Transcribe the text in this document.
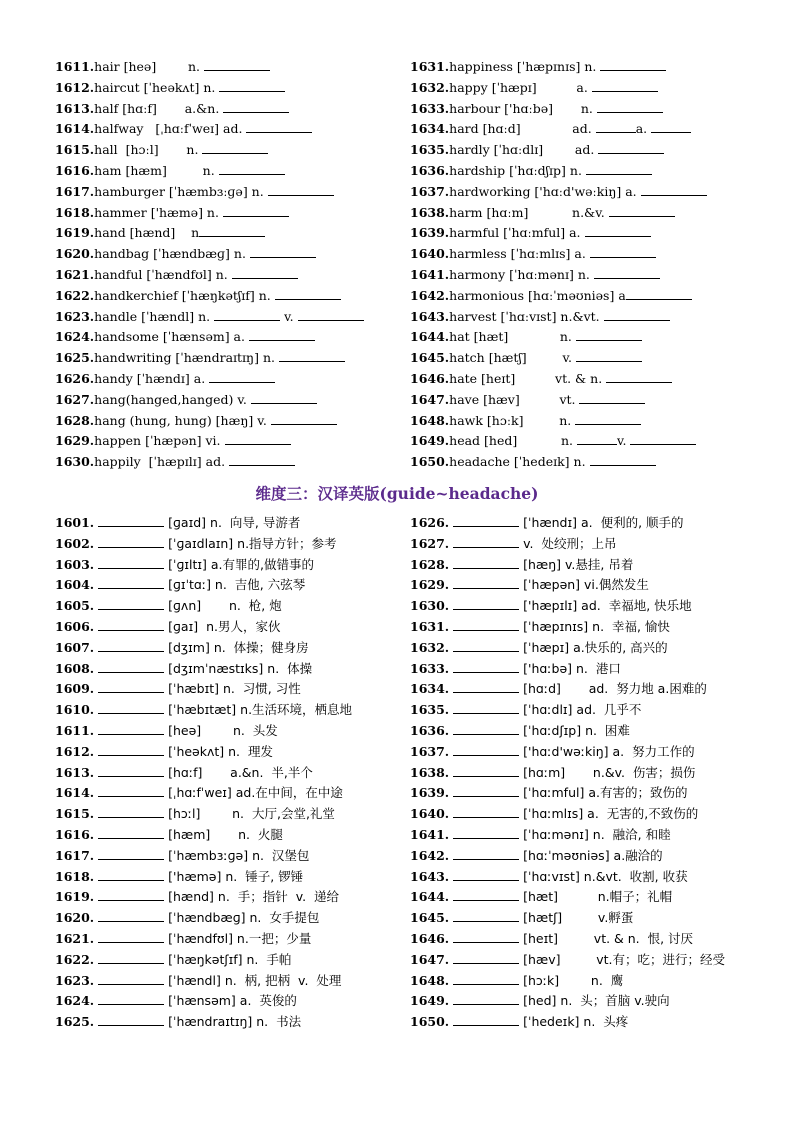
1611.hair [heə]        n.
1612.haircut [ˈheəkʌt] n.
1613.half [hɑːf]       a.&n.
1614.halfway   [ˌhɑːfˈweɪ] ad.
1615.hall  [hɔːl]       n.
1616.ham [hæm]         n.
1617.hamburger [ˈhæmbɜːɡə] n.
1618.hammer ['hæmə] n.
1619.hand [hænd]    n
1620.handbag [ˈhændbæɡ] n.
1621.handful [ˈhændfʊl] n.
1622.handkerchief [ˈhæŋkətʃɪf] n.
1623.handle [ˈhændl] n.	v.
1624.handsome [ˈhænsəm] a.
1625.handwriting [ˈhændraɪtɪŋ] n.
1626.handy [ˈhændɪ] a.
1627.hang(hanged,hanged) v.
1628.hang (hung, hung) [hæŋ] v.
1629.happen [ˈhæpən] vi.
1630.happily  [ˈhæpɪlɪ] ad.
1631.happiness [ˈhæpɪnɪs] n.
1632.happy [ˈhæpɪ]          a.
1633.harbour ['hɑːbə]       n.
1634.hard [hɑːd]             ad.	a.
1635.hardly [ˈhɑːdlɪ]        ad.
1636.hardship [ˈhɑːdʃɪp] n.
1637.hardworking ['hɑːd'wəːkiŋ] a.
1638.harm [hɑːm]           n.&v.
1639.harmful [ˈhɑːmful] a.
1640.harmless [ˈhɑːmlɪs] a.
1641.harmony [ˈhɑːmənɪ] n.
1642.harmonious [hɑːˈməʊniəs] a
1643.harvest [ˈhɑːvɪst] n.&vt.
1644.hat [hæt]             n.
1645.hatch [hætʃ]         v.
1646.hate [heɪt]          vt. & n.
1647.have [hæv]          vt.
1648.hawk [hɔːk]         n.
1649.head [hed]           n.	v.
1650.headache [ˈhedeɪk] n.
维度三：汉译英版(guide~headache)
1601.	[ɡaɪd] n.  向导, 导游者
1602.	[ˈɡaɪdlaɪn] n.指导方针；参考
1603.	[ˈɡɪltɪ] a.有罪的,做错事的
1604.	[ɡɪˈtɑː] n.  吉他, 六弦琴
1605.	[ɡʌn]       n.  枪, 炮
1606.	[ɡaɪ]  n.男人，家伙
1607.	[dʒɪm] n.  体操；健身房
1608.	[dʒɪmˈnæstɪks] n.  体操
1609.	[ˈhæbɪt] n.  习惯, 习性
1610.	[ˈhæbɪtæt] n.生活环境，栖息地
1611.	[heə]        n.  头发
1612.	[ˈheəkʌt] n.  理发
1613.	[hɑːf]       a.&n.  半,半个
1614.	[ˌhɑːfˈweɪ] ad.在中间，在中途
1615.	[hɔːl]        n.  大厅,会堂,礼堂
1616.	[hæm]       n.  火腿
1617.	[ˈhæmbɜːɡə] n.  汉堡包
1618.	['hæmə] n.  锤子, 锣锤
1619.	[hænd] n.  手；指针  v.  递给
1620.	[ˈhændbæɡ] n.  女手提包
1621.	[ˈhændfʊl] n.一把；少量
1622.	[ˈhæŋkətʃɪf] n.  手帕
1623.	[ˈhændl] n.  柄, 把柄  v.  处理
1624.	[ˈhænsəm] a.  英俊的
1625.	[ˈhændraɪtɪŋ] n.  书法
1626.	[ˈhændɪ] a.  便利的, 顺手的
1627.	v.  处绞刑；上吊
1628.	[hæŋ] v.悬挂, 吊着
1629.	[ˈhæpən] vi.偶然发生
1630.	['hæpɪlɪ] ad.  幸福地, 快乐地
1631.	[ˈhæpɪnɪs] n.  幸福, 愉快
1632.	[ˈhæpɪ] a.快乐的, 高兴的
1633.	['hɑːbə] n.  港口
1634.	[hɑːd]       ad.  努力地 a.困难的
1635.	[ˈhɑːdlɪ] ad.  几乎不
1636.	[ˈhɑːdʃɪp] n.  困难
1637.	['hɑːd'wəːkiŋ] a.  努力工作的
1638.	[hɑːm]       n.&v.  伤害；损伤
1639.	[ˈhɑːmful] a.有害的；致伤的
1640.	[ˈhɑːmlɪs] a.  无害的,不致伤的
1641.	[ˈhɑːmənɪ] n.  融洽, 和睦
1642.	[hɑːˈməʊniəs] a.融洽的
1643.	[ˈhɑːvɪst] n.&vt.  收割, 收获
1644.	[hæt]          n.帽子；礼帽
1645.	[hætʃ]         v.孵蛋
1646.	[heɪt]         vt. & n.  恨, 讨厌
1647.	[hæv]         vt.有；吃；进行；经受
1648.	[hɔːk]        n.  鹰
1649.	[hed] n.  头；首脑 v.驶向
1650.	[ˈhedeɪk] n.  头疼
